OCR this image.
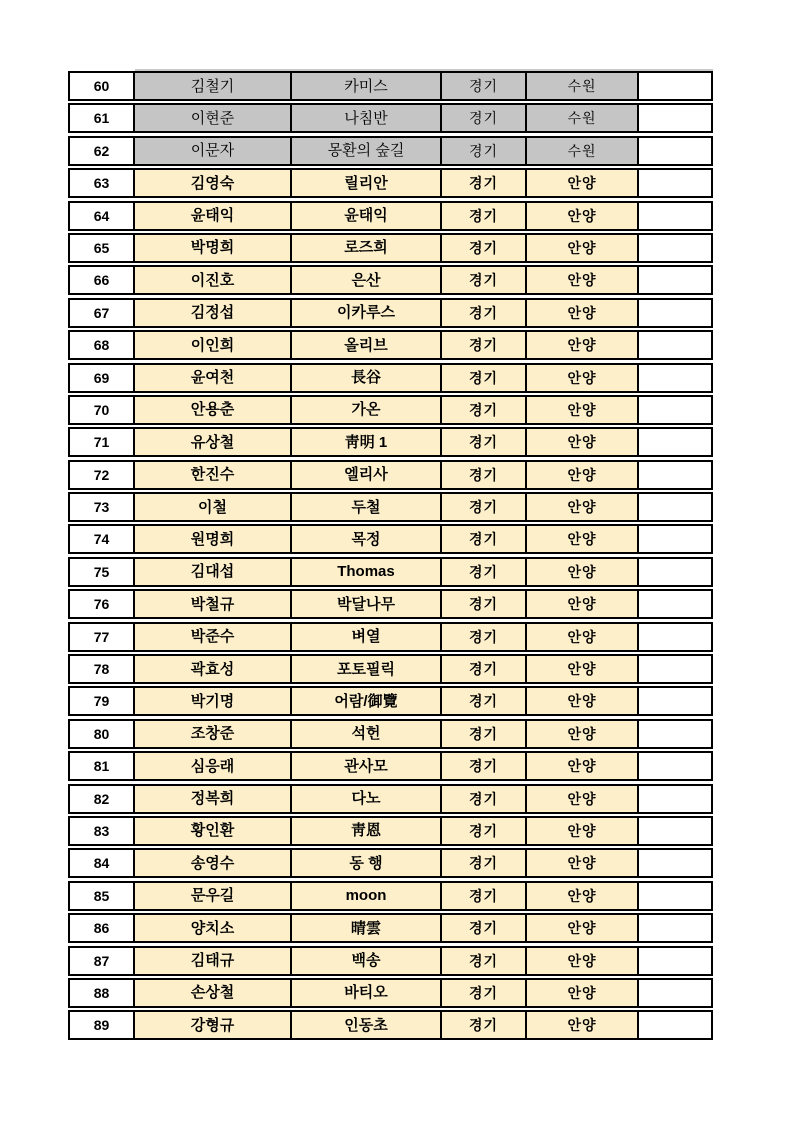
60	김철기	카미스	경기	수원
61	이현준	나침반	경기	수원
62	이문자	몽환의 숲길	경기	수원
63	김영숙	릴리안	경기	안양
64	윤태익	윤태익	경기	안양
65	박명희	로즈희	경기	안양
66	이진호	은산	경기	안양
67	김정섭	이카루스	경기	안양
68	이인희	올리브	경기	안양
69	윤여천	長谷	경기	안양
70	안용춘	가온	경기	안양
71	유상철	靑明 1	경기	안양
72	한진수	엘리사	경기	안양
73	이철	두철	경기	안양
74	원명희	목정	경기	안양
75	김대섭	Thomas	경기	안양
76	박철규	박달나무	경기	안양
77	박준수	벼열	경기	안양
78	곽효성	포토필릭	경기	안양
79	박기명	어람/御覽	경기	안양
80	조창준	석헌	경기	안양
81	심응래	관사모	경기	안양
82	정복희	다노	경기	안양
83	황인환	靑恩	경기	안양
84	송영수	동 행	경기	안양
85	문우길	moon	경기	안양
86	양치소	晴雲	경기	안양
87	김태규	백송	경기	안양
88	손상철	바티오	경기	안양
89	강형규	인동초	경기	안양
